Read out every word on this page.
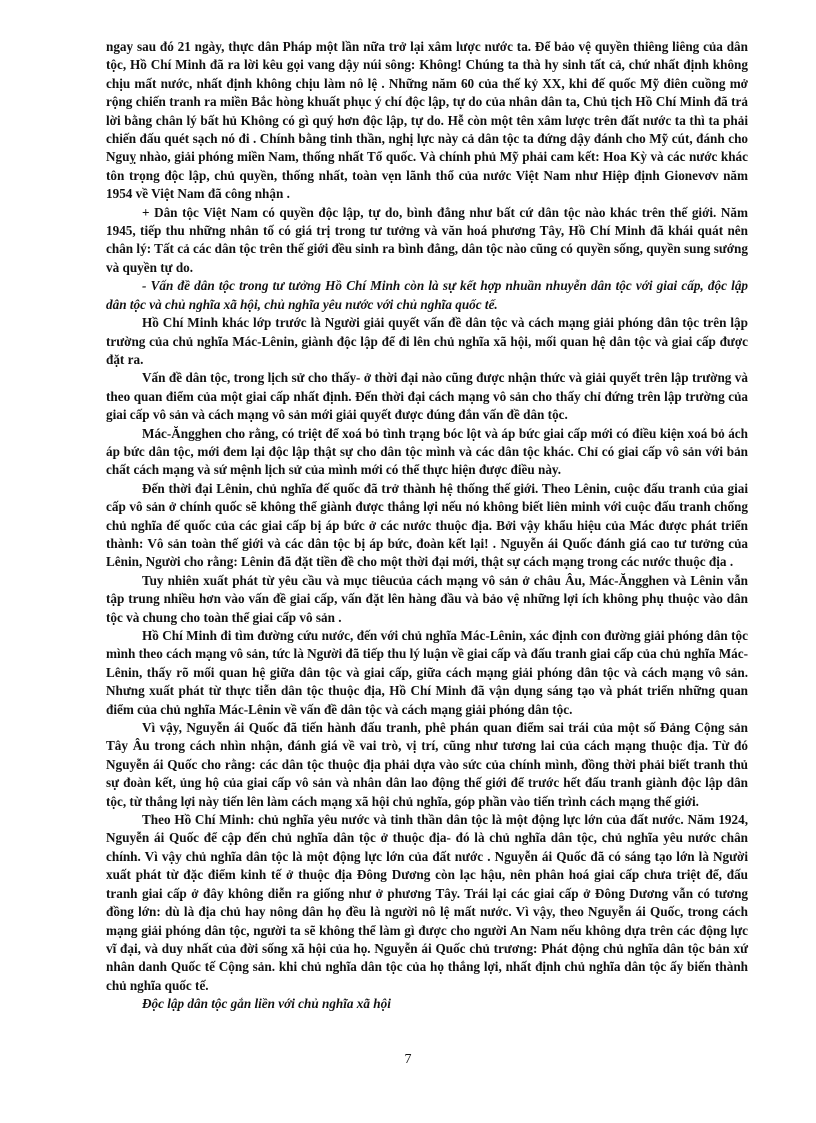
ngay sau đó 21 ngày, thực dân Pháp một lần nữa trở lại xâm lược nước ta. Để bảo vệ quyền thiêng liêng của dân tộc, Hồ Chí Minh đã ra lời kêu gọi vang dậy núi sông: Không! Chúng ta thà hy sinh tất cả, chứ nhất định không chịu mất nước, nhất định không chịu làm nô lệ . Những năm 60 của thế kỷ XX, khi đế quốc Mỹ điên cuồng mở rộng chiến tranh ra miền Bắc hòng khuất phục ý chí độc lập, tự do của nhân dân ta, Chủ tịch Hồ Chí Minh đã trả lời bằng chân lý bất hủ Không có gì quý hơn độc lập, tự do. Hễ còn một tên xâm lược trên đất nước ta thì ta phải chiến đấu quét sạch nó đi . Chính bằng tinh thần, nghị lực này cả dân tộc ta đứng dậy đánh cho Mỹ cút, đánh cho Nguỵ nhào, giải phóng miền Nam, thống nhất Tổ quốc. Và chính phủ Mỹ phải cam kết: Hoa Kỳ và các nước khác tôn trọng độc lập, chủ quyền, thống nhất, toàn vẹn lãnh thổ của nước Việt Nam như Hiệp định Gionevơv năm 1954 về Việt Nam đã công nhận .

+ Dân tộc Việt Nam có quyền độc lập, tự do, bình đẳng như bất cứ dân tộc nào khác trên thế giới. Năm 1945, tiếp thu những nhân tố có giá trị trong tư tưởng và văn hoá phương Tây, Hồ Chí Minh đã khái quát nên chân lý: Tất cả các dân tộc trên thế giới đều sinh ra bình đẳng, dân tộc nào cũng có quyền sống, quyền sung sướng và quyền tự do.

- Vấn đề dân tộc trong tư tưởng Hồ Chí Minh còn là sự kết hợp nhuần nhuyễn dân tộc với giai cấp, độc lập dân tộc và chủ nghĩa xã hội, chủ nghĩa yêu nước với chủ nghĩa quốc tế.

Hồ Chí Minh khác lớp trước là Người giải quyết vấn đề dân tộc và cách mạng giải phóng dân tộc trên lập trường của chủ nghĩa Mác-Lênin, giành độc lập để đi lên chủ nghĩa xã hội, mối quan hệ dân tộc và giai cấp được đặt ra.

Vấn đề dân tộc, trong lịch sử cho thấy- ở thời đại nào cũng được nhận thức và giải quyết trên lập trường và theo quan điểm của một giai cấp nhất định. Đến thời đại cách mạng vô sản cho thấy chỉ đứng trên lập trường của giai cấp vô sản và cách mạng vô sản mới giải quyết được đúng đắn vấn đề dân tộc.

Mác-Ăngghen cho rằng, có triệt để xoá bỏ tình trạng bóc lột và áp bức giai cấp mới có điều kiện xoá bỏ ách áp bức dân tộc, mới đem lại độc lập thật sự cho dân tộc mình và các dân tộc khác. Chỉ có giai cấp vô sản với bản chất cách mạng và sứ mệnh lịch sử của mình mới có thể thực hiện được điều này.

Đến thời đại Lênin, chủ nghĩa đế quốc đã trở thành hệ thống thế giới. Theo Lênin, cuộc đấu tranh của giai cấp vô sản ở chính quốc sẽ không thể giành được thắng lợi nếu nó không biết liên minh với cuộc đấu tranh chống chủ nghĩa đế quốc của các giai cấp bị áp bức ở các nước thuộc địa. Bởi vậy khẩu hiệu của Mác được phát triển thành: Vô sản toàn thế giới và các dân tộc bị áp bức, đoàn kết lại! . Nguyễn ái Quốc đánh giá cao tư tưởng của Lênin, Người cho rằng: Lênin đã đặt tiền đề cho một thời đại mới, thật sự cách mạng trong các nước thuộc địa .

Tuy nhiên xuất phát từ yêu cầu và mục tiêucủa cách mạng vô sản ở châu Âu, Mác-Ăngghen và Lênin vẫn tập trung nhiều hơn vào vấn đề giai cấp, vấn đặt lên hàng đầu và bảo vệ những lợi ích không phụ thuộc vào dân tộc và chung cho toàn thể giai cấp vô sản .

Hồ Chí Minh đi tìm đường cứu nước, đến với chủ nghĩa Mác-Lênin, xác định con đường giải phóng dân tộc mình theo cách mạng vô sản, tức là Người đã tiếp thu lý luận về giai cấp và đấu tranh giai cấp của chủ nghĩa Mác-Lênin, thấy rõ mối quan hệ giữa dân tộc và giai cấp, giữa cách mạng giải phóng dân tộc và cách mạng vô sản. Nhưng xuất phát từ thực tiễn dân tộc thuộc địa, Hồ Chí Minh đã vận dụng sáng tạo và phát triển những quan điểm của chủ nghĩa Mác-Lênin về vấn đề dân tộc và cách mạng giải phóng dân tộc.

Vì vậy, Nguyễn ái Quốc đã tiến hành đấu tranh, phê phán quan điểm sai trái của một số Đảng Cộng sản Tây Âu trong cách nhìn nhận, đánh giá về vai trò, vị trí, cũng như tương lai của cách mạng thuộc địa. Từ đó Nguyễn ái Quốc cho rằng: các dân tộc thuộc địa phải dựa vào sức của chính mình, đồng thời phải biết tranh thủ sự đoàn kết, ủng hộ của giai cấp vô sản và nhân dân lao động thế giới để trước hết đấu tranh giành độc lập dân tộc, từ thắng lợi này tiến lên làm cách mạng xã hội chủ nghĩa, góp phần vào tiến trình cách mạng thế giới.

Theo Hồ Chí Minh: chủ nghĩa yêu nước và tinh thần dân tộc là một động lực lớn của đất nước. Năm 1924, Nguyễn ái Quốc để cập đến chủ nghĩa dân tộc ở thuộc địa- đó là chủ nghĩa dân tộc, chủ nghĩa yêu nước chân chính. Vì vậy chủ nghĩa dân tộc là một động lực lớn của đất nước . Nguyễn ái Quốc đã có sáng tạo lớn là Người xuất phát từ đặc điểm kinh tế ở thuộc địa Đông Dương còn lạc hậu, nên phân hoá giai cấp chưa triệt để, đấu tranh giai cấp ở đây không diễn ra giống như ở phương Tây. Trái lại các giai cấp ở Đông Dương vẫn có tương đồng lớn: dù là địa chủ hay nông dân họ đều là người nô lệ mất nước. Vì vậy, theo Nguyễn ái Quốc, trong cách mạng giải phóng dân tộc, người ta sẽ không thể làm gì được cho người An Nam nếu không dựa trên các động lực vĩ đại, và duy nhất của đời sống xã hội của họ. Nguyễn ái Quốc chủ trương: Phát động chủ nghĩa dân tộc bản xứ nhân danh Quốc tế Cộng sản. khi chủ nghĩa dân tộc của họ thắng lợi, nhất định chủ nghĩa dân tộc ấy biến thành chủ nghĩa quốc tế.

Độc lập dân tộc gắn liền với chủ nghĩa xã hội

7
